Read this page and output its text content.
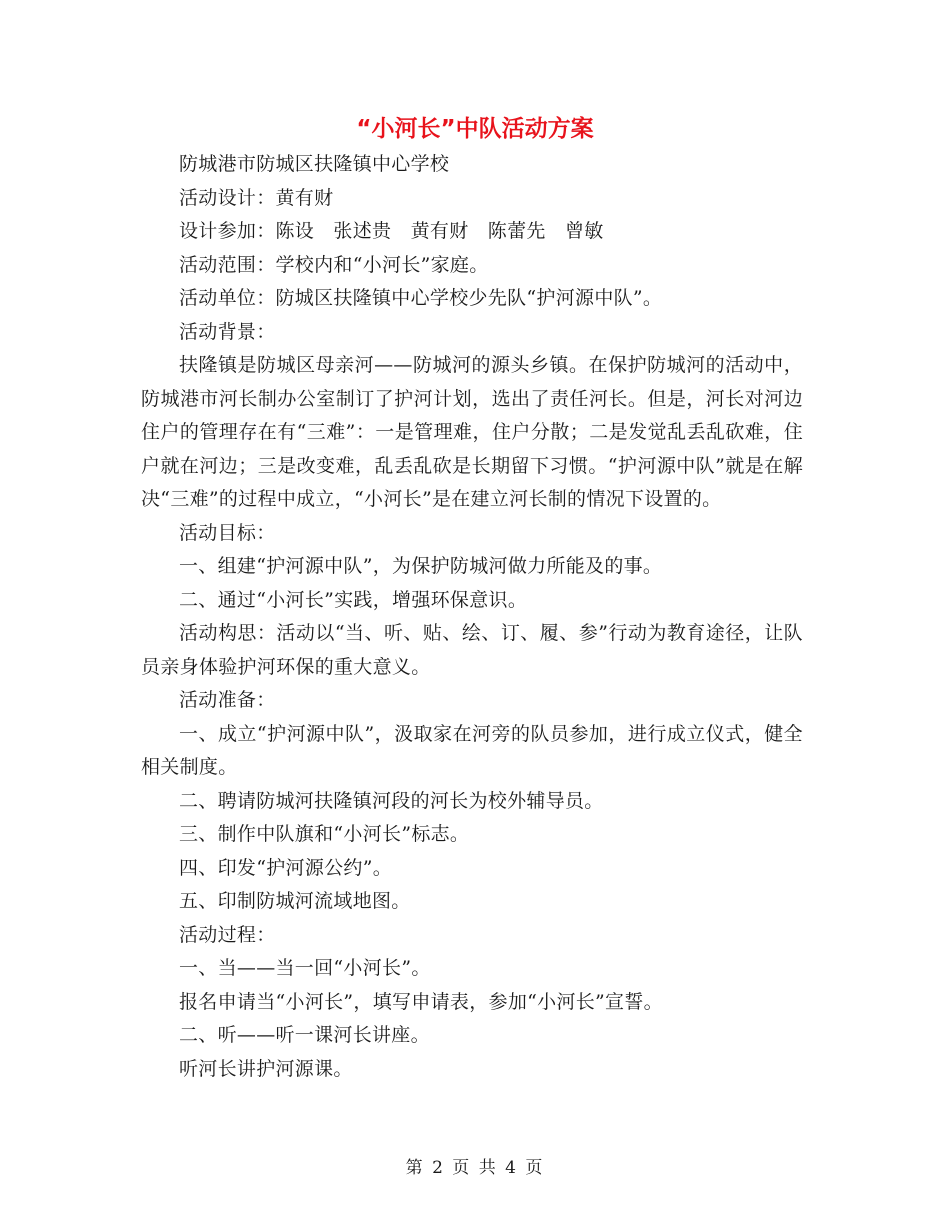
“小河长”中队活动方案

防城港市防城区扶隆镇中心学校

活动设计：黄有财

设计参加：陈设　张述贵　黄有财　陈蕾先　曾敏

活动范围：学校内和“小河长”家庭。

活动单位：防城区扶隆镇中心学校少先队“护河源中队”。

活动背景：

扶隆镇是防城区母亲河——防城河的源头乡镇。在保护防城河的活动中，防城港市河长制办公室制订了护河计划，选出了责任河长。但是，河长对河边住户的管理存在有“三难”：一是管理难，住户分散；二是发觉乱丢乱砍难，住户就在河边；三是改变难，乱丢乱砍是长期留下习惯。“护河源中队”就是在解决“三难”的过程中成立，“小河长”是在建立河长制的情况下设置的。

活动目标：

一、组建“护河源中队”，为保护防城河做力所能及的事。

二、通过“小河长”实践，增强环保意识。

活动构思：活动以“当、听、贴、绘、订、履、参”行动为教育途径，让队员亲身体验护河环保的重大意义。

活动准备：

一、成立“护河源中队”，汲取家在河旁的队员参加，进行成立仪式，健全相关制度。

二、聘请防城河扶隆镇河段的河长为校外辅导员。

三、制作中队旗和“小河长”标志。

四、印发“护河源公约”。

五、印制防城河流域地图。

活动过程：

一、当——当一回“小河长”。

报名申请当“小河长”，填写申请表，参加“小河长”宣誓。

二、听——听一课河长讲座。

听河长讲护河源课。

第 2 页 共 4 页
